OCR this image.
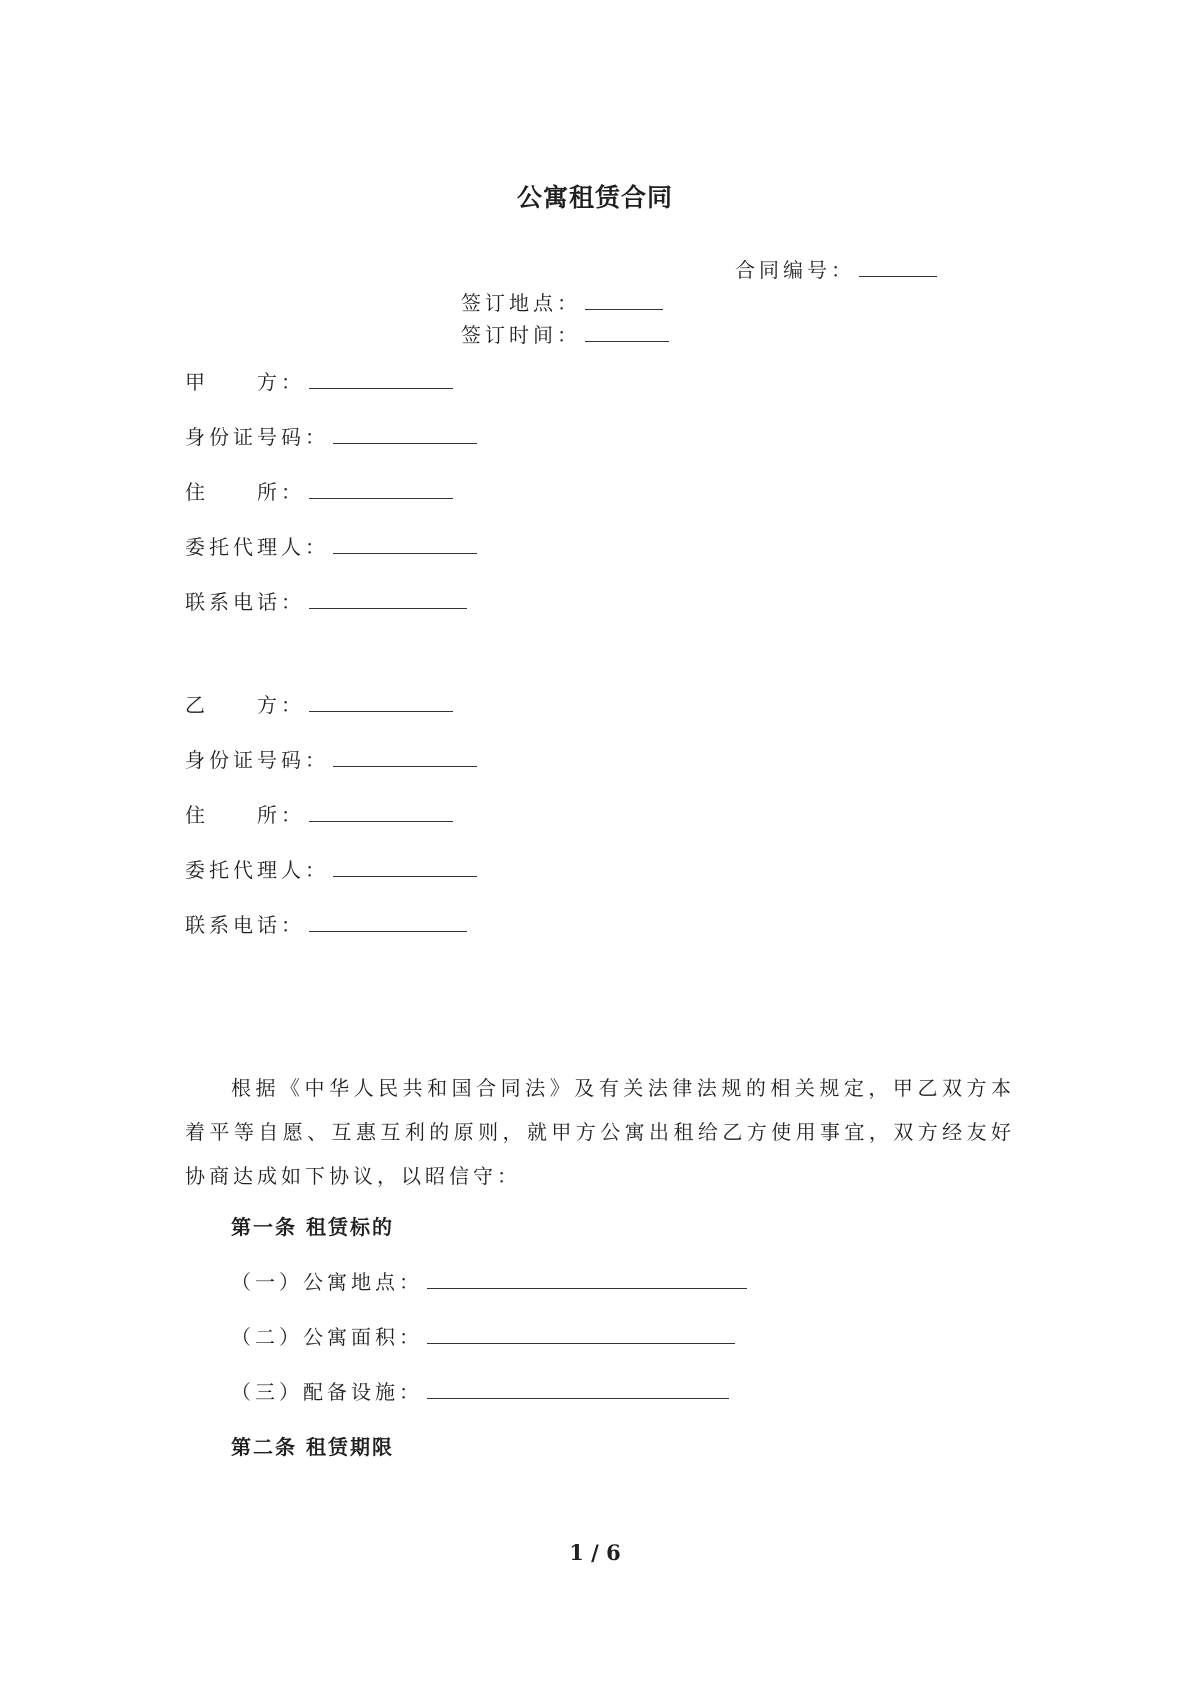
公寓租赁合同
合同编号：
签订地点：
签订时间：
甲　　方：
身份证号码：
住　　所：
委托代理人：
联系电话：
乙　　方：
身份证号码：
住　　所：
委托代理人：
联系电话：
根据《中华人民共和国合同法》及有关法律法规的相关规定，甲乙双方本着平等自愿、互惠互利的原则，就甲方公寓出租给乙方使用事宜，双方经友好协商达成如下协议，以昭信守：
第一条 租赁标的
（一）公寓地点：
（二）公寓面积：
（三）配备设施：
第二条 租赁期限
1 / 6
